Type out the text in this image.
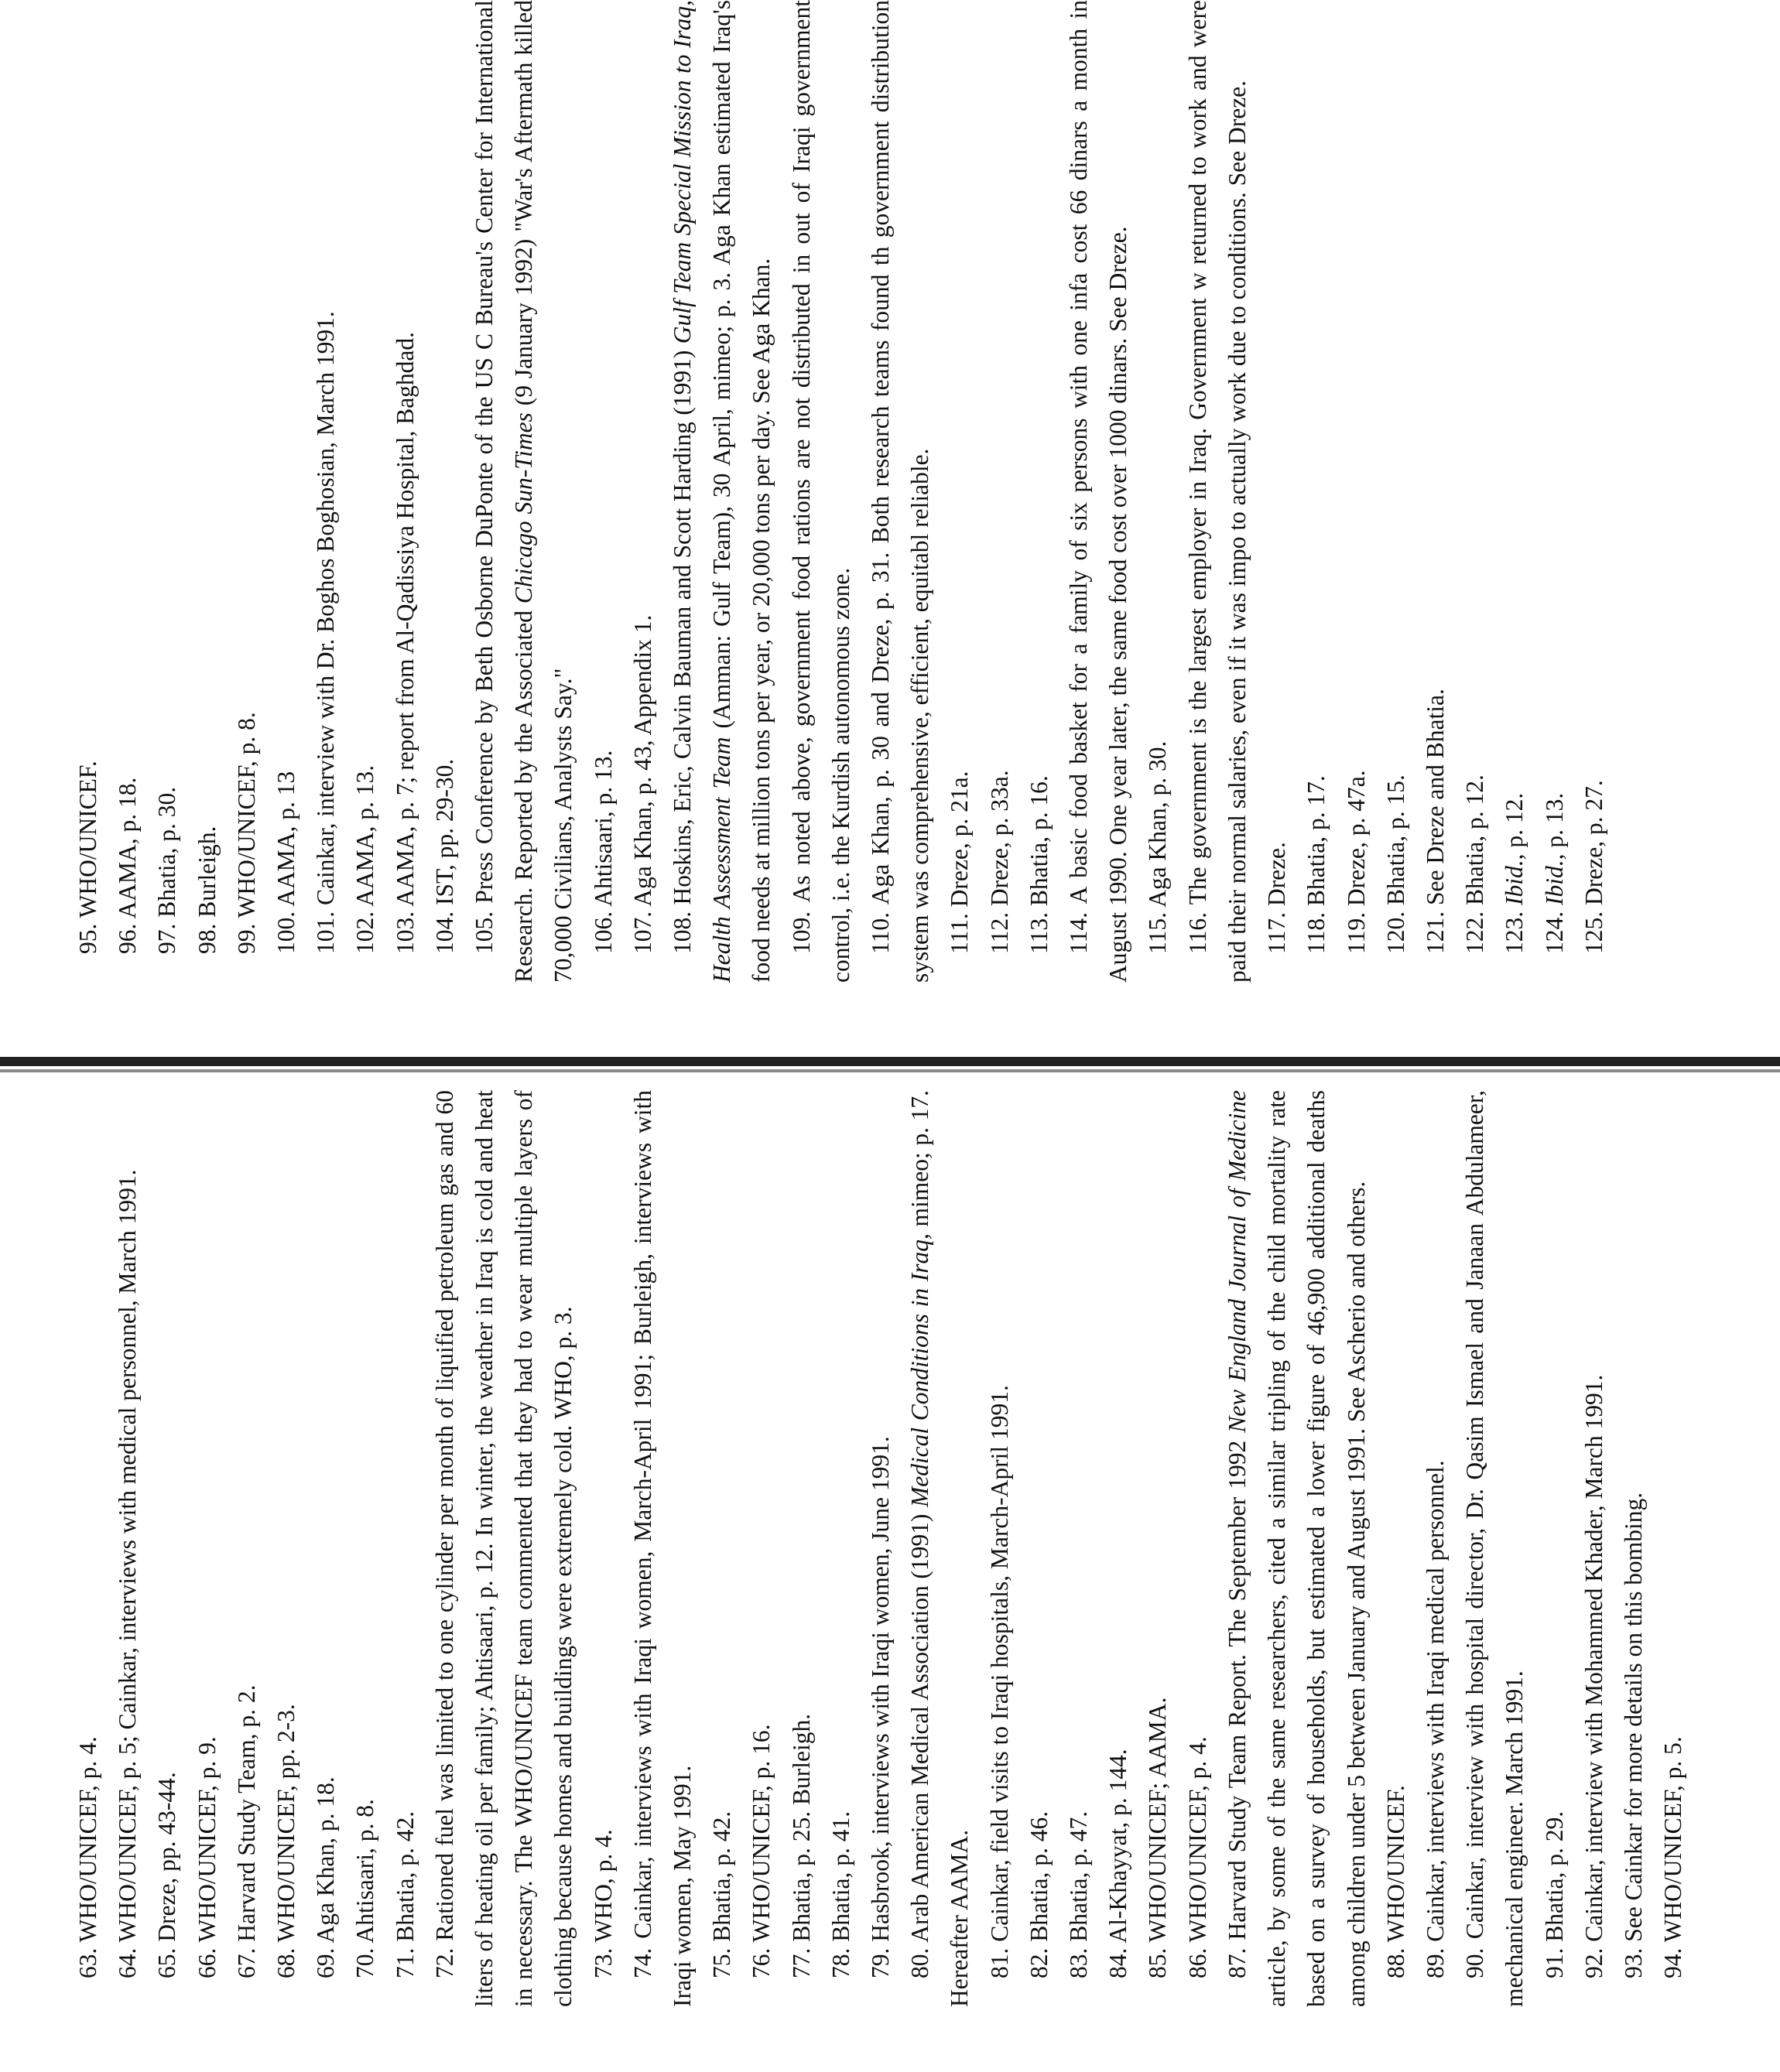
63. WHO/UNICEF, p. 4.

64. WHO/UNICEF, p. 5; Cainkar, interviews with medical personnel, March 1991.

65. Dreze, pp. 43-44.

66. WHO/UNICEF, p. 9.

67. Harvard Study Team, p. 2.

68. WHO/UNICEF, pp. 2-3.

69. Aga Khan, p. 18.

70. Ahtisaari, p. 8.

71. Bhatia, p. 42.

72. Rationed fuel was limited to one cylinder per month of liquified petroleum gas and 60 liters of heating oil per family; Ahtisaari, p. 12. In winter, the weather in Iraq is cold and heat in necessary. The WHO/UNICEF team commented that they had to wear multiple layers of clothing because homes and buildings were extremely cold. WHO, p. 3. 73. WHO, p. 4.

74. Cainkar, interviews with Iraqi women, March-April 1991; Burleigh, interviews with Iraqi women, May 1991. 75. Bhatia, p. 42.

76. WHO/UNICEF, p. 16.

77. Bhatia, p. 25. Burleigh.

78. Bhatia, p. 41.

79. Hasbrook, interviews with Iraqi women, June 1991.

80. Arab American Medical Association (1991) Medical Conditions in Iraq, mimeo; p. 17. Hereafter AAMA. 81. Cainkar, field visits to Iraqi hospitals, March-April 1991.

82. Bhatia, p. 46.

83. Bhatia, p. 47.

84. Al-Khayyat, p. 144.

85. WHO/UNICEF; AAMA.

86. WHO/UNICEF, p. 4.

87. Harvard Study Team Report. The September 1992 New England Journal of Medicine article, by some of the same researchers, cited a similar tripling of the child mortality rate based on a survey of households, but estimated a lower figure of 46,900 additional deaths among children under 5 between January and August 1991. See Ascherio and others. 88. WHO/UNICEF.

89. Cainkar, interviews with Iraqi medical personnel.

90. Cainkar, interview with hospital director, Dr. Qasim Ismael and Janaan Abdulameer, mechanical engineer. March 1991. 91. Bhatia, p. 29.

92. Cainkar, interview with Mohammed Khader, March 1991.

93. See Cainkar for more details on this bombing.

94. WHO/UNICEF, p. 5.

95. WHO/UNICEF.

96. AAMA, p. 18.

97. Bhatia, p. 30.

98. Burleigh.

99. WHO/UNICEF, p. 8.

100. AAMA, p. 13

101. Cainkar, interview with Dr. Boghos Boghosian, March 1991.

102. AAMA, p. 13.

103. AAMA, p. 7; report from Al-Qadissiya Hospital, Baghdad.

104. IST, pp. 29-30.

105. Press Conference by Beth Osborne DuPonte of the US C Bureau's Center for International Research. Reported by the Associated Chicago Sun-Times (9 January 1992) "War's Aftermath killed 70,000 Civilians, Analysts Say." 106. Ahtisaari, p. 13.

107. Aga Khan, p. 43, Appendix 1.

108. Hoskins, Eric, Calvin Bauman and Scott Harding (1991) Gulf Team Special Mission to Iraq, Health Assessment Team (Amman: Gulf Team), 30 April, mimeo; p. 3. Aga Khan estimated Iraq's food needs at million tons per year, or 20,000 tons per day. See Aga Khan. 109. As noted above, government food rations are not distributed in out of Iraqi government control, i.e. the Kurdish autonomous zone. 110. Aga Khan, p. 30 and Dreze, p. 31. Both research teams found th government distribution system was comprehensive, efficient, equitabl reliable. 111. Dreze, p. 21a.

112. Dreze, p. 33a.

113. Bhatia, p. 16.

114. A basic food basket for a family of six persons with one infa cost 66 dinars a month in August 1990. One year later, the same food cost over 1000 dinars. See Dreze. 115. Aga Khan, p. 30.

116. The government is the largest employer in Iraq. Government w returned to work and were paid their normal salaries, even if it was impo to actually work due to conditions. See Dreze. 117. Dreze.

118. Bhatia, p. 17.

119. Dreze, p. 47a.

120. Bhatia, p. 15.

121. See Dreze and Bhatia.

122. Bhatia, p. 12.

123. Ibid., p. 12.

124. Ibid., p. 13.

125. Dreze, p. 27.
